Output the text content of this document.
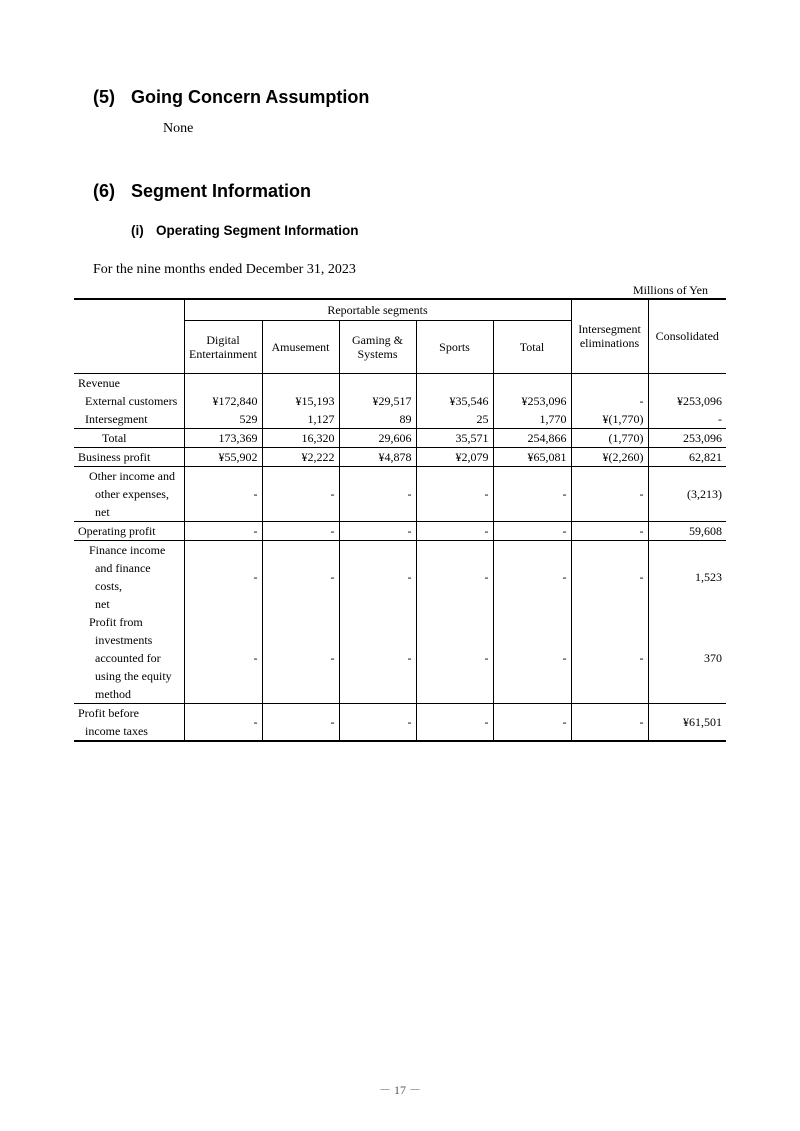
(5) Going Concern Assumption
None
(6) Segment Information
(i) Operating Segment Information
For the nine months ended December 31, 2023
Millions of Yen
	Reportable segments					Intersegment eliminations	Consolidated
	Digital Entertainment	Amusement	Gaming & Systems	Sports	Total		
Revenue							
External customers	¥172,840	¥15,193	¥29,517	¥35,546	¥253,096	-	¥253,096
Intersegment	529	1,127	89	25	1,770	¥(1,770)	-
Total	173,369	16,320	29,606	35,571	254,866	(1,770)	253,096
Business profit	¥55,902	¥2,222	¥4,878	¥2,079	¥65,081	¥(2,260)	62,821

Other income and
other expenses,
net	-	-	-	-	-	-	(3,213)
Operating profit	-	-	-	-	-	-	59,608

Finance income
and finance costs,
net	-	-	-	-	-	-	1,523

Profit from
investments
accounted for
using the equity
method	-	-	-	-	-	-	370

Profit before
income taxes	-	-	-	-	-	-	¥61,501
－ 17 －
